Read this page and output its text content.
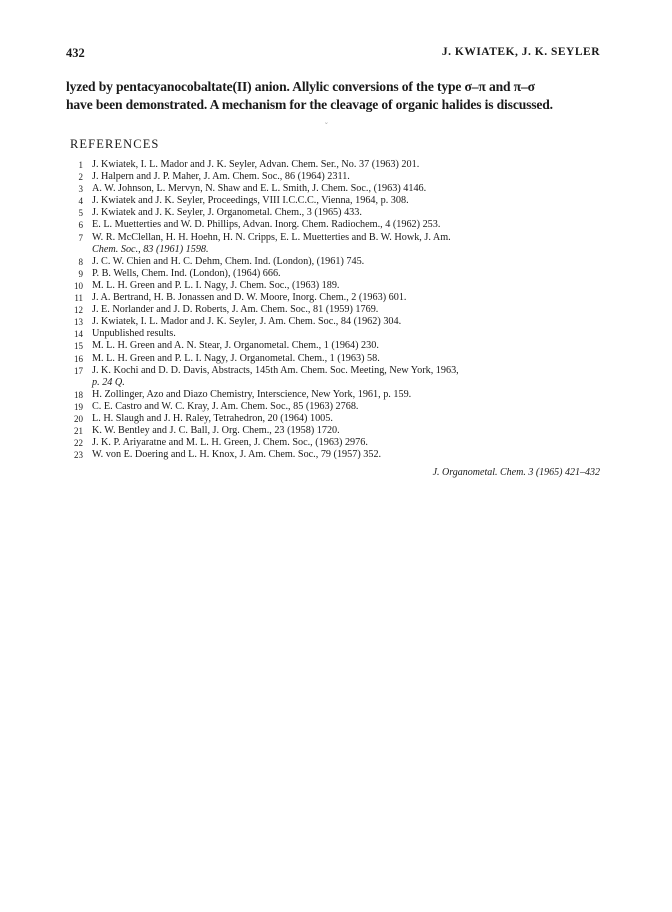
432	J. KWIATEK, J. K. SEYLER
lyzed by pentacyanocobaltate(II) anion. Allylic conversions of the type σ–π and π–σ
have been demonstrated. A mechanism for the cleavage of organic halides is discussed.
˘
REFERENCES
1 J. Kwiatek, I. L. Mador and J. K. Seyler, Advan. Chem. Ser., No. 37 (1963) 201.
2 J. Halpern and J. P. Maher, J. Am. Chem. Soc., 86 (1964) 2311.
3 A. W. Johnson, L. Mervyn, N. Shaw and E. L. Smith, J. Chem. Soc., (1963) 4146.
4 J. Kwiatek and J. K. Seyler, Proceedings, VIII I.C.C.C., Vienna, 1964, p. 308.
5 J. Kwiatek and J. K. Seyler, J. Organometal. Chem., 3 (1965) 433.
6 E. L. Muetterties and W. D. Phillips, Advan. Inorg. Chem. Radiochem., 4 (1962) 253.
7 W. R. McClellan, H. H. Hoehn, H. N. Cripps, E. L. Muetterties and B. W. Howk, J. Am.
Chem. Soc., 83 (1961) 1598.
8 J. C. W. Chien and H. C. Dehm, Chem. Ind. (London), (1961) 745.
9 P. B. Wells, Chem. Ind. (London), (1964) 666.
10 M. L. H. Green and P. L. I. Nagy, J. Chem. Soc., (1963) 189.
11 J. A. Bertrand, H. B. Jonassen and D. W. Moore, Inorg. Chem., 2 (1963) 601.
12 J. E. Norlander and J. D. Roberts, J. Am. Chem. Soc., 81 (1959) 1769.
13 J. Kwiatek, I. L. Mador and J. K. Seyler, J. Am. Chem. Soc., 84 (1962) 304.
14 Unpublished results.
15 M. L. H. Green and A. N. Stear, J. Organometal. Chem., 1 (1964) 230.
16 M. L. H. Green and P. L. I. Nagy, J. Organometal. Chem., 1 (1963) 58.
17 J. K. Kochi and D. D. Davis, Abstracts, 145th Am. Chem. Soc. Meeting, New York, 1963,
p. 24 Q.
18 H. Zollinger, Azo and Diazo Chemistry, Interscience, New York, 1961, p. 159.
19 C. E. Castro and W. C. Kray, J. Am. Chem. Soc., 85 (1963) 2768.
20 L. H. Slaugh and J. H. Raley, Tetrahedron, 20 (1964) 1005.
21 K. W. Bentley and J. C. Ball, J. Org. Chem., 23 (1958) 1720.
22 J. K. P. Ariyaratne and M. L. H. Green, J. Chem. Soc., (1963) 2976.
23 W. von E. Doering and L. H. Knox, J. Am. Chem. Soc., 79 (1957) 352.
J. Organometal. Chem. 3 (1965) 421–432
